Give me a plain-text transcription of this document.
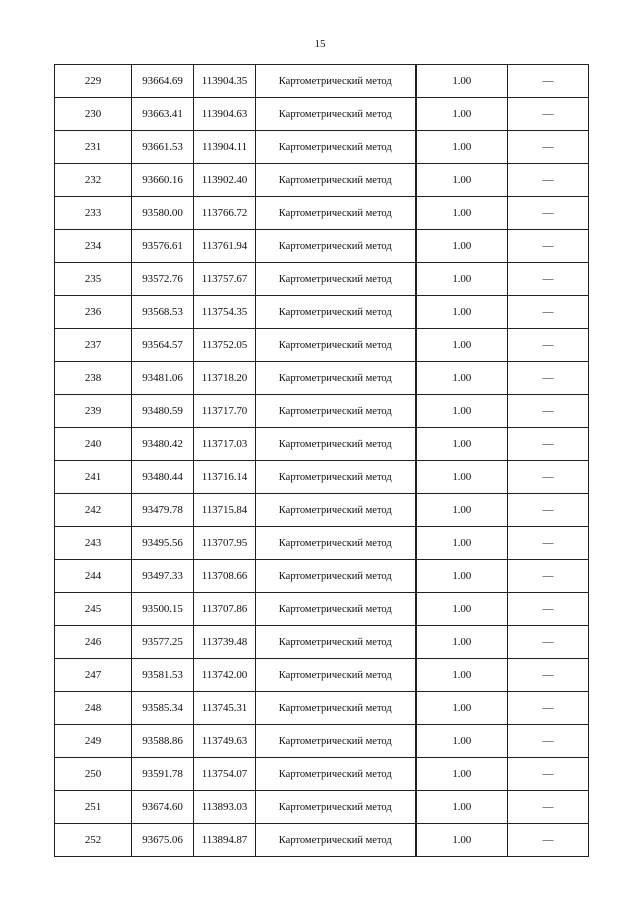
15
229	93664.69	113904.35	Картометрический метод	1.00	—
230	93663.41	113904.63	Картометрический метод	1.00	—
231	93661.53	113904.11	Картометрический метод	1.00	—
232	93660.16	113902.40	Картометрический метод	1.00	—
233	93580.00	113766.72	Картометрический метод	1.00	—
234	93576.61	113761.94	Картометрический метод	1.00	—
235	93572.76	113757.67	Картометрический метод	1.00	—
236	93568.53	113754.35	Картометрический метод	1.00	—
237	93564.57	113752.05	Картометрический метод	1.00	—
238	93481.06	113718.20	Картометрический метод	1.00	—
239	93480.59	113717.70	Картометрический метод	1.00	—
240	93480.42	113717.03	Картометрический метод	1.00	—
241	93480.44	113716.14	Картометрический метод	1.00	—
242	93479.78	113715.84	Картометрический метод	1.00	—
243	93495.56	113707.95	Картометрический метод	1.00	—
244	93497.33	113708.66	Картометрический метод	1.00	—
245	93500.15	113707.86	Картометрический метод	1.00	—
246	93577.25	113739.48	Картометрический метод	1.00	—
247	93581.53	113742.00	Картометрический метод	1.00	—
248	93585.34	113745.31	Картометрический метод	1.00	—
249	93588.86	113749.63	Картометрический метод	1.00	—
250	93591.78	113754.07	Картометрический метод	1.00	—
251	93674.60	113893.03	Картометрический метод	1.00	—
252	93675.06	113894.87	Картометрический метод	1.00	—
